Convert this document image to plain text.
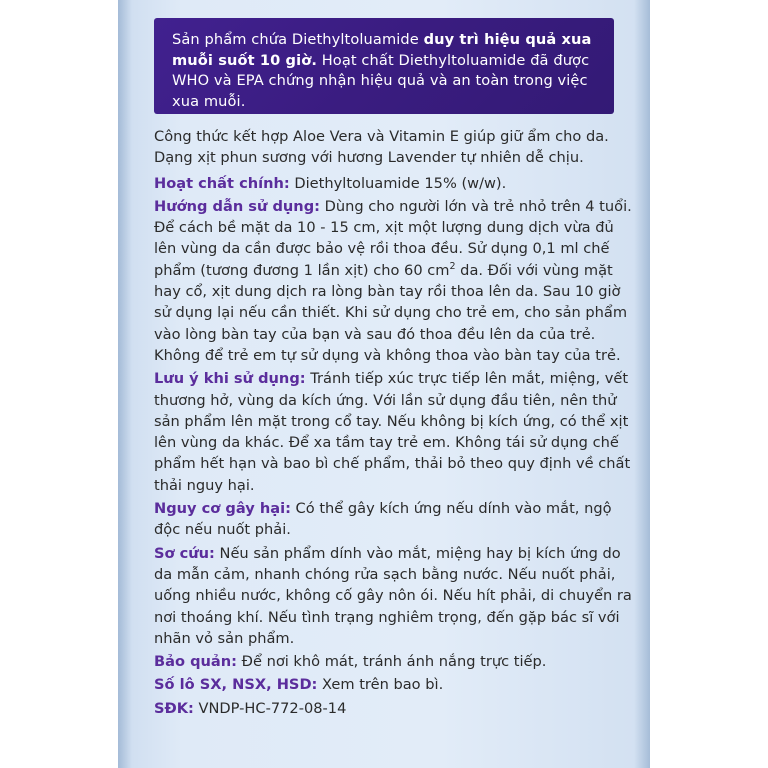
Sản phẩm chứa Diethyltoluamide duy trì hiệu quả xua muỗi suốt 10 giờ. Hoạt chất Diethyltoluamide đã được WHO và EPA chứng nhận hiệu quả và an toàn trong việc xua muỗi.

Công thức kết hợp Aloe Vera và Vitamin E giúp giữ ẩm cho da. Dạng xịt phun sương với hương Lavender tự nhiên dễ chịu.

Hoạt chất chính: Diethyltoluamide 15% (w/w).

Hướng dẫn sử dụng: Dùng cho người lớn và trẻ nhỏ trên 4 tuổi. Để cách bề mặt da 10 - 15 cm, xịt một lượng dung dịch vừa đủ lên vùng da cần được bảo vệ rồi thoa đều. Sử dụng 0,1 ml chế phẩm (tương đương 1 lần xịt) cho 60 $cm^2$ da. Đối với vùng mặt hay cổ, xịt dung dịch ra lòng bàn tay rồi thoa lên da. Sau 10 giờ sử dụng lại nếu cần thiết. Khi sử dụng cho trẻ em, cho sản phẩm vào lòng bàn tay của bạn và sau đó thoa đều lên da của trẻ. Không để trẻ em tự sử dụng và không thoa vào bàn tay của trẻ.

Lưu ý khi sử dụng: Tránh tiếp xúc trực tiếp lên mắt, miệng, vết thương hở, vùng da kích ứng. Với lần sử dụng đầu tiên, nên thử sản phẩm lên mặt trong cổ tay. Nếu không bị kích ứng, có thể xịt lên vùng da khác. Để xa tầm tay trẻ em. Không tái sử dụng chế phẩm hết hạn và bao bì chế phẩm, thải bỏ theo quy định về chất thải nguy hại.

Nguy cơ gây hại: Có thể gây kích ứng nếu dính vào mắt, ngộ độc nếu nuốt phải.

Sơ cứu: Nếu sản phẩm dính vào mắt, miệng hay bị kích ứng do da mẫn cảm, nhanh chóng rửa sạch bằng nước. Nếu nuốt phải, uống nhiều nước, không cố gây nôn ói. Nếu hít phải, di chuyển ra nơi thoáng khí. Nếu tình trạng nghiêm trọng, đến gặp bác sĩ với nhãn vỏ sản phẩm.

Bảo quản: Để nơi khô mát, tránh ánh nắng trực tiếp.

Số lô SX, NSX, HSD: Xem trên bao bì.

SĐK: VNDP-HC-772-08-14
